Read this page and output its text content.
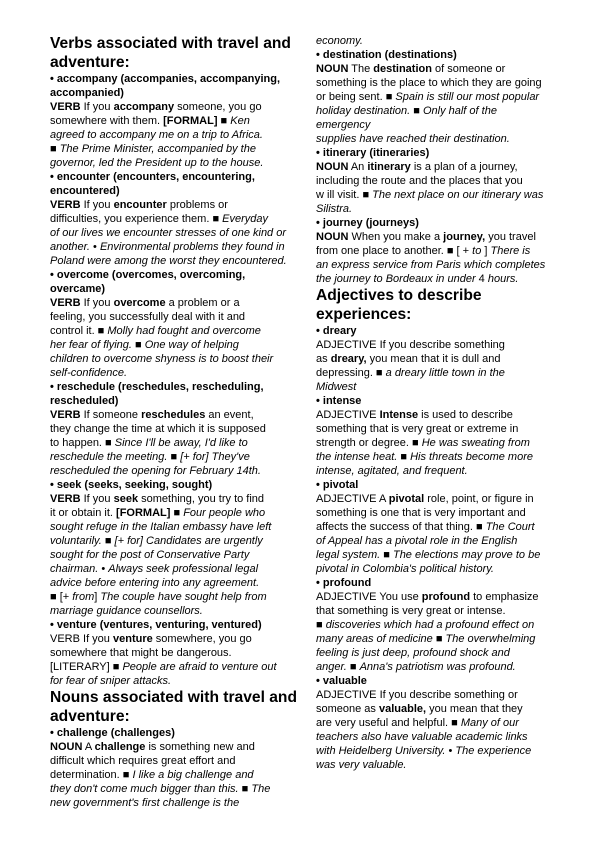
Verbs associated with travel and
adventure:

• accompany (accompanies, accompanying,

accompanied)

VERB If you accompany someone, you go

somewhere with them. [FORMAL] ■ Ken

agreed to accompany me on a trip to Africa.

■ The Prime Minister, accompanied by the

governor, led the President up to the house.

• encounter (encounters, encountering,

encountered)

VERB If you encounter problems or

difficulties, you experience them. ■ Everyday

of our lives we encounter stresses of one kind or

another. • Environmental problems they found in

Poland were among the worst they encountered.

• overcome (overcomes, overcoming,

overcame)

VERB If you overcome a problem or a

feeling, you successfully deal with it and

control it. ■ Molly had fought and overcome

her fear of flying. ■ One way of helping

children to overcome shyness is to boost their

self-confidence.

• reschedule (reschedules, rescheduling,

rescheduled)

VERB If someone reschedules an event,

they change the time at which it is supposed

to happen. ■ Since I'll be away, I'd like to

reschedule the meeting. ■ [+ for] They've

rescheduled the opening for February 14th.

• seek (seeks, seeking, sought)

VERB If you seek something, you try to find

it or obtain it. [FORMAL] ■ Four people who

sought refuge in the Italian embassy have left

voluntarily. ■ [+ for] Candidates are urgently

sought for the post of Conservative Party

chairman. • Always seek professional legal

advice before entering into any agreement.

■ [+ from] The couple have sought help from

marriage guidance counsellors.

• venture (ventures, venturing, ventured)

VERB If you venture somewhere, you go

somewhere that might be dangerous.

[LITERARY] ■ People are afraid to venture out

for fear of sniper attacks.

Nouns associated with travel and
adventure:

• challenge (challenges)

NOUN A challenge is something new and

difficult which requires great effort and

determination. ■ I like a big challenge and

they don't come much bigger than this. ■ The

new government's first challenge is the

economy.

• destination (destinations)

NOUN The destination of someone or

something is the place to which they are going

or being sent. ■ Spain is still our most popular

holiday destination. ■ Only half of the

emergency

supplies have reached their destination.

• itinerary (itineraries)

NOUN An itinerary is a plan of a journey,

including the route and the places that you

w ill visit. ■ The next place on our itinerary was

Silistra.

• journey (journeys)

NOUN When you make a journey, you travel

from one place to another. ■ [ + to ] There is

an express service from Paris which completes

the journey to Bordeaux in under 4 hours.

Adjectives to describe
experiences:

• dreary

ADJECTIVE If you describe something

as dreary, you mean that it is dull and

depressing. ■ a dreary little town in the

Midwest

• intense

ADJECTIVE Intense is used to describe

something that is very great or extreme in

strength or degree. ■ He was sweating from

the intense heat. ■ His threats become more

intense, agitated, and frequent.

• pivotal

ADJECTIVE A pivotal role, point, or figure in

something is one that is very important and

affects the success of that thing. ■ The Court

of Appeal has a pivotal role in the English

legal system. ■ The elections may prove to be

pivotal in Colombia's political history.

• profound

ADJECTIVE You use profound to emphasize

that something is very great or intense.

■ discoveries which had a profound effect on

many areas of medicine ■ The overwhelming

feeling is just deep, profound shock and

anger. ■ Anna's patriotism was profound.

• valuable

ADJECTIVE If you describe something or

someone as valuable, you mean that they

are very useful and helpful. ■ Many of our

teachers also have valuable academic links

with Heidelberg University. • The experience

was very valuable.
